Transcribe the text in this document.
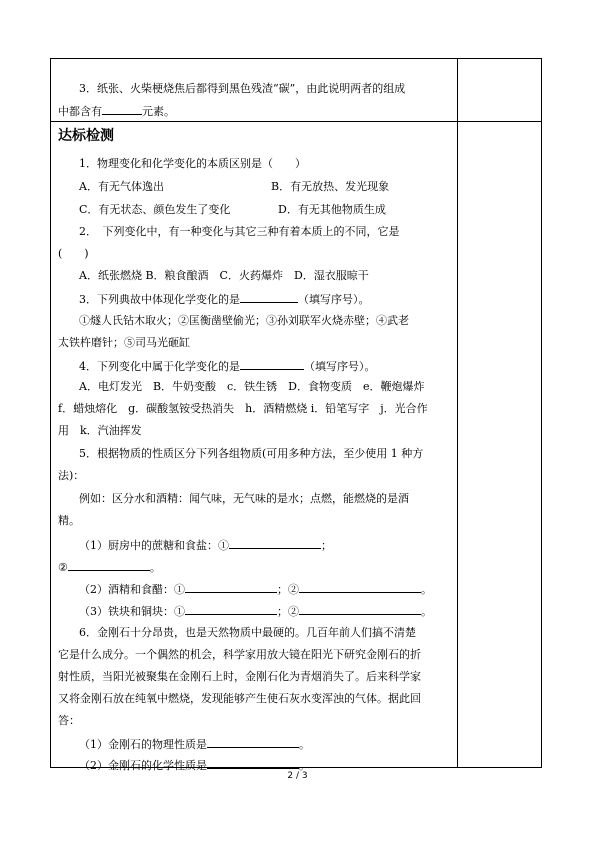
3．纸张、火柴梗烧焦后都得到黑色残渣“碳”，由此说明两者的组成
中都含有	元素。
达标检测
1．物理变化和化学变化的本质区别是（　　）
A．有无气体逸出	B．有无放热、发光现象
C．有无状态、颜色发生了变化	D．有无其他物质生成
2．　下列变化中，有一种变化与其它三种有着本质上的不同，它是
(　　)
A．纸张燃烧 B．粮食酿酒　C．火药爆炸　D．湿衣服晾干
3．下列典故中体现化学变化的是	（填写序号）。
①燧人氏钻木取火；②匡衡凿壁偷光；③孙刘联军火烧赤壁；④武老
太铁杵磨针；⑤司马光砸缸
4．下列变化中属于化学变化的是	（填写序号）。
A．电灯发光　B．牛奶变酸　c．铁生锈　D．食物变质　e．鞭炮爆炸
f．蜡烛熔化　g．碳酸氢铵受热消失　h．酒精燃烧 i．铅笔写字　j．光合作
用　k．汽油挥发
5．根据物质的性质区分下列各组物质(可用多种方法，至少使用 1 种方
法)：
例如：区分水和酒精：闻气味，无气味的是水；点燃，能燃烧的是酒
精。
（1）厨房中的蔗糖和食盐：①	；
②	。
（2）酒精和食醋：①	；②	。
（3）铁块和铜块：①	；②	。
6．金刚石十分昂贵，也是天然物质中最硬的。几百年前人们搞不清楚
它是什么成分。一个偶然的机会，科学家用放大镜在阳光下研究金刚石的折
射性质，当阳光被聚集在金刚石上时，金刚石化为青烟消失了。后来科学家
又将金刚石放在纯氧中燃烧，发现能够产生使石灰水变浑浊的气体。据此回
答：
（1）金刚石的物理性质是	。
（2）金刚石的化学性质是	。
2 / 3
